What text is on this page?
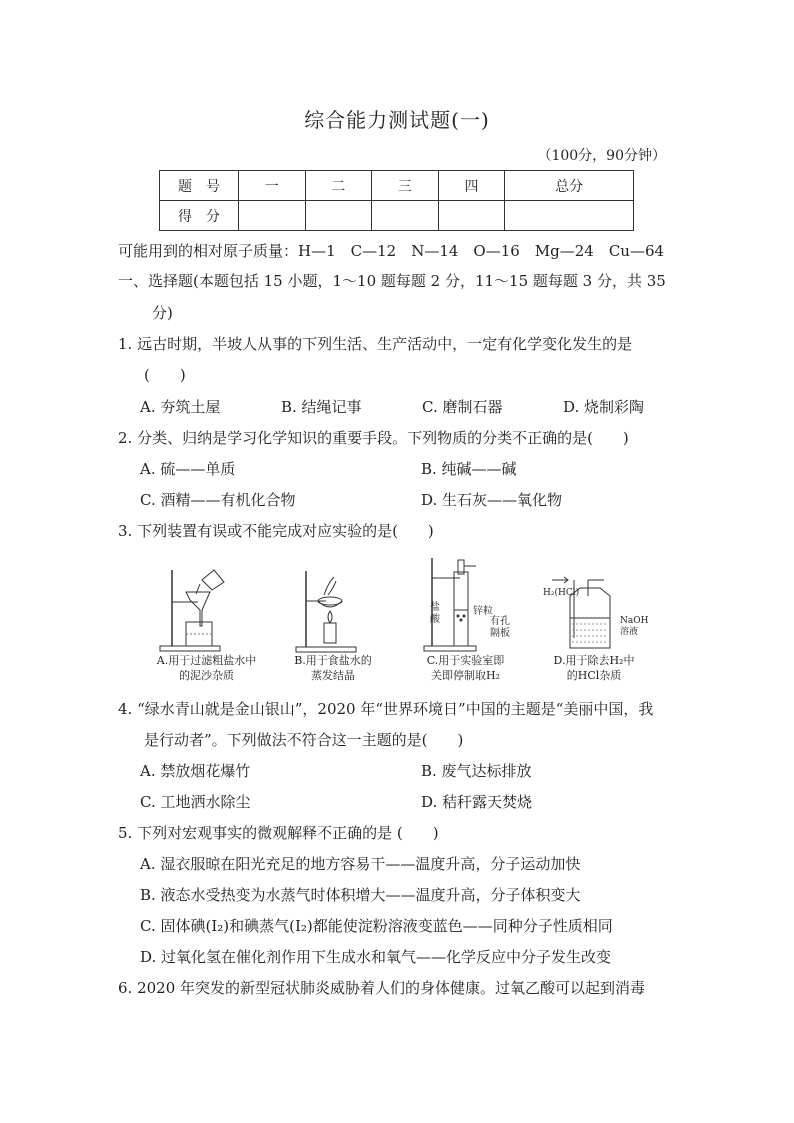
综合能力测试题(一)
（100分，90分钟）
题　号	一	二	三	四	总分
得　分					
可能用到的相对原子质量：H—1　C—12　N—14　O—16　Mg—24　Cu—64
一、选择题(本题包括 15 小题，1～10 题每题 2 分，11～15 题每题 3 分，共 35
分)
1. 远古时期，半坡人从事的下列生活、生产活动中，一定有化学变化发生的是
(　　)
A. 夯筑土屋	B. 结绳记事	C. 磨制石器	D. 烧制彩陶
2. 分类、归纳是学习化学知识的重要手段。下列物质的分类不正确的是(　　)
A. 硫——单质	B. 纯碱——碱
C. 酒精——有机化合物	D. 生石灰——氧化物
3. 下列装置有误或不能完成对应实验的是(　　)
A.用于过滤粗盐水中
的泥沙杂质
B.用于食盐水的
蒸发结晶
盐酸
锌粒
有孔隔板
C.用于实验室即
关即停制取H₂
H₂(HCl)
NaOH溶液
D.用于除去H₂中
的HCl杂质
4. “绿水青山就是金山银山”，2020 年“世界环境日”中国的主题是“美丽中国，我
是行动者”。下列做法不符合这一主题的是(　　)
A. 禁放烟花爆竹	B. 废气达标排放
C. 工地洒水除尘	D. 秸秆露天焚烧
5. 下列对宏观事实的微观解释不正确的是 (　　)
A. 湿衣服晾在阳光充足的地方容易干——温度升高，分子运动加快
B. 液态水受热变为水蒸气时体积增大——温度升高，分子体积变大
C. 固体碘(I₂)和碘蒸气(I₂)都能使淀粉溶液变蓝色——同种分子性质相同
D. 过氧化氢在催化剂作用下生成水和氧气——化学反应中分子发生改变
6. 2020 年突发的新型冠状肺炎威胁着人们的身体健康。过氧乙酸可以起到消毒
